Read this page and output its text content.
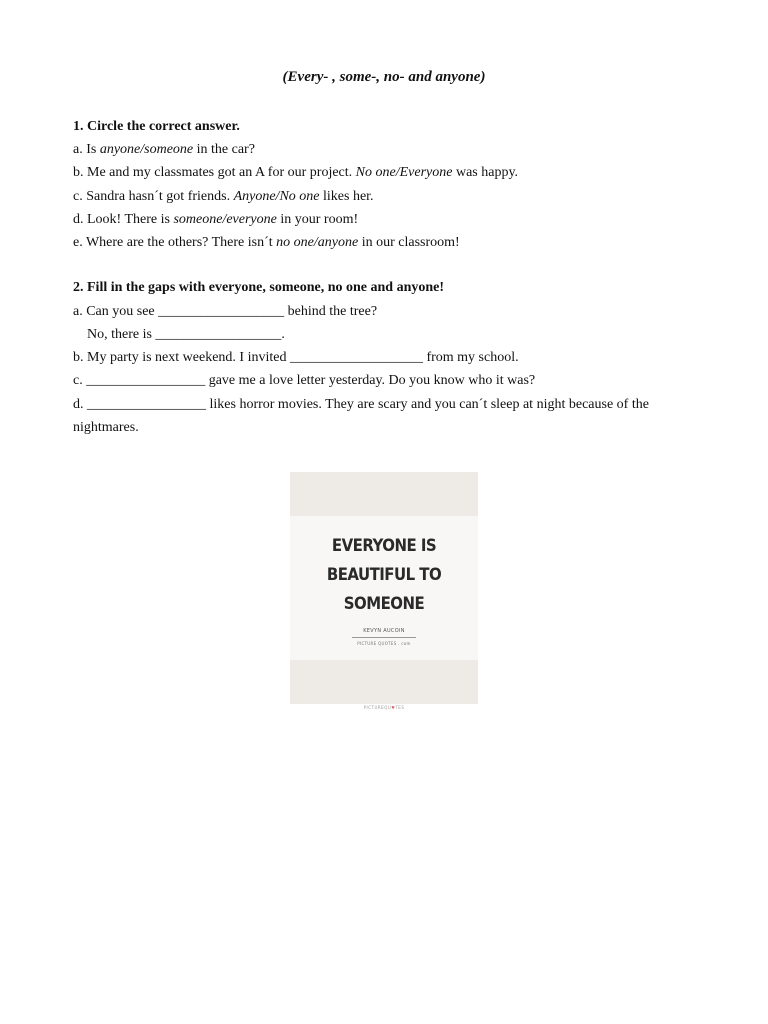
(Every- , some-, no- and anyone)
1. Circle the correct answer.
a. Is anyone/someone in the car?
b. Me and my classmates got an A for our project. No one/Everyone was happy.
c. Sandra hasn´t got friends. Anyone/No one likes her.
d. Look! There is someone/everyone in your room!
e. Where are the others? There isn´t no one/anyone in our classroom!
2. Fill in the gaps with everyone, someone, no one and anyone!
a. Can you see __________________ behind the tree?
No, there is __________________.
b. My party is next weekend. I invited ___________________ from my school.
c. _________________ gave me a love letter yesterday. Do you know who it was?
d. _________________ likes horror movies. They are scary and you can´t sleep at night because of the
nightmares.
EVERYONE IS
BEAUTIFUL TO
SOMEONE
KEVYN AUCOIN
PICTURE QUOTES . com
PICTUREQU♥TES
